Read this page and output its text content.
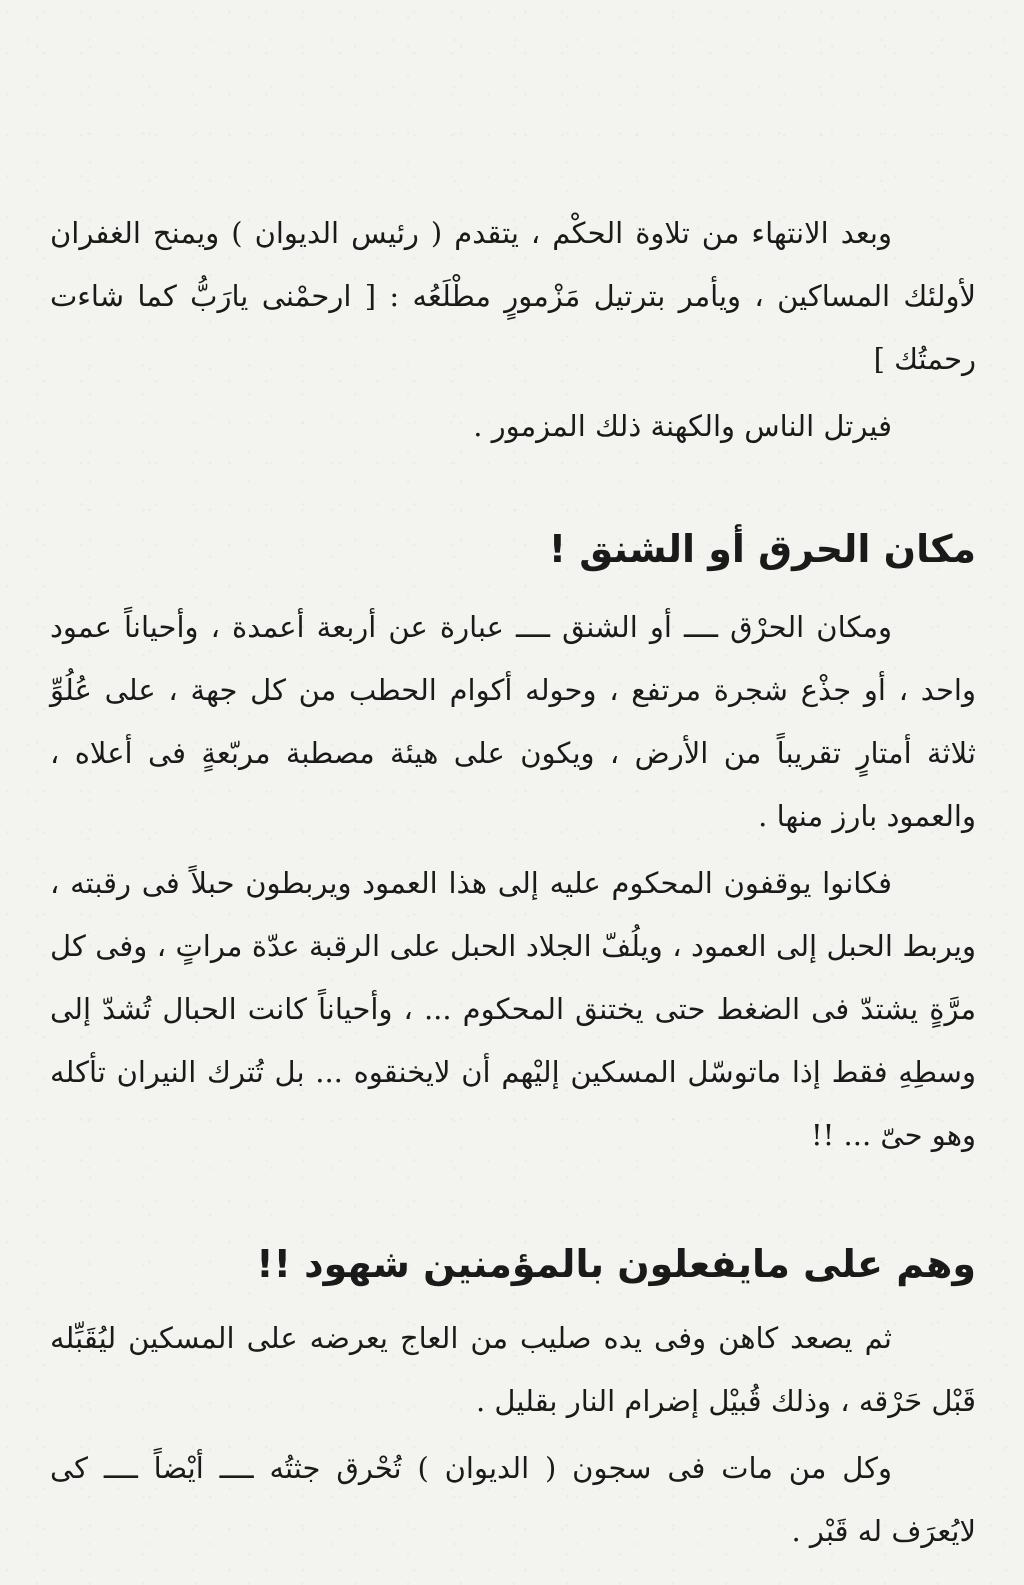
وبعد الانتهاء من تلاوة الحكْم ، يتقدم ( رئيس الديوان ) ويمنح الغفران لأولئك المساكين ، ويأمر بترتيل مَزْمورٍ مطْلَعُه : [ ارحمْنى يارَبُّ كما شاءت رحمتُك ]

فيرتل الناس والكهنة ذلك المزمور .

مكان الحرق أو الشنق !

ومكان الحرْق ــــ أو الشنق ــــ عبارة عن أربعة أعمدة ، وأحياناً عمود واحد ، أو جذْع شجرة مرتفع ، وحوله أكوام الحطب من كل جهة ، على عُلُوِّ ثلاثة أمتارٍ تقريباً من الأرض ، ويكون على هيئة مصطبة مربّعةٍ فى أعلاه ، والعمود بارز منها .

فكانوا يوقفون المحكوم عليه إلى هذا العمود ويربطون حبلاً فى رقبته ، ويربط الحبل إلى العمود ، ويلُفّ الجلاد الحبل على الرقبة عدّة مراتٍ ، وفى كل مرَّةٍ يشتدّ فى الضغط حتى يختنق المحكوم ... ، وأحياناً كانت الحبال تُشدّ إلى وسطِهِ فقط إذا ماتوسّل المسكين إليْهم أن لايخنقوه ... بل تُترك النيران تأكله وهو حىّ ... !!

وهم على مايفعلون بالمؤمنين شهود !!

ثم يصعد كاهن وفى يده صليب من العاج يعرضه على المسكين ليُقَبِّله قَبْل حَرْقه ، وذلك قُبيْل إضرام النار بقليل .

وكل من مات فى سجون ( الديوان ) تُحْرق جثتُه ــــ أيْضاً ــــ كى لايُعرَف له قَبْر .
